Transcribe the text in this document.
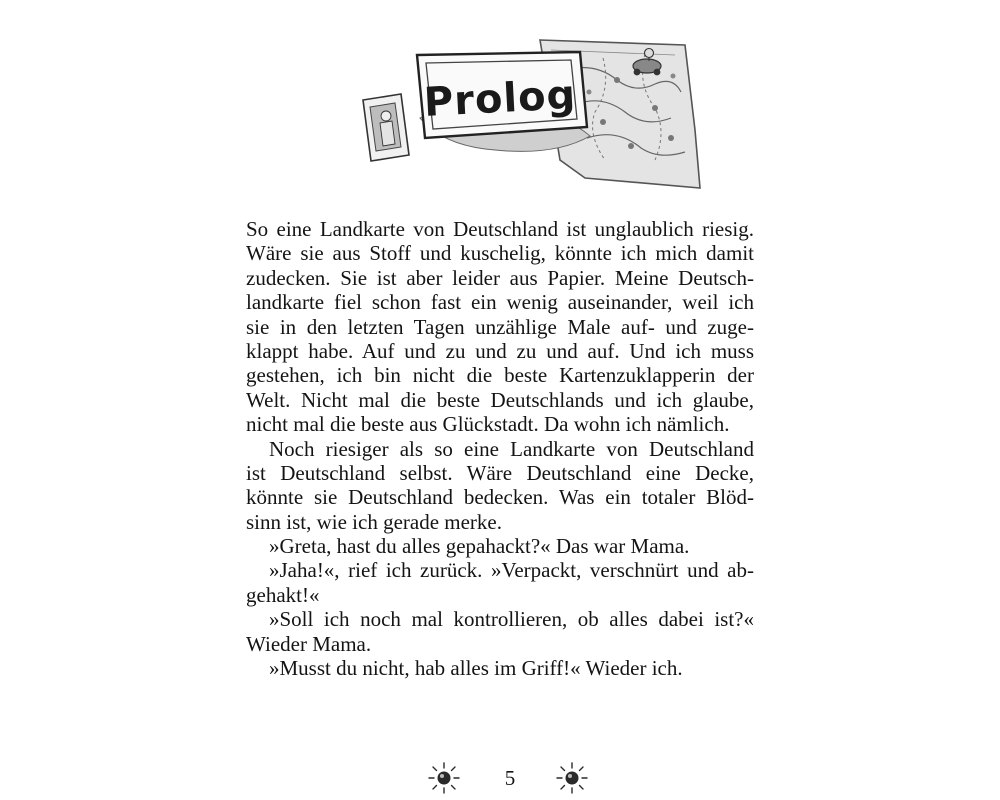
Prolog
So eine Landkarte von Deutschland ist unglaublich riesig.
Wäre sie aus Stoff und kuschelig, könnte ich mich damit
zudecken. Sie ist aber leider aus Papier. Meine Deutsch-
landkarte fiel schon fast ein wenig auseinander, weil ich
sie in den letzten Tagen unzählige Male auf- und zuge-
klappt habe. Auf und zu und zu und auf. Und ich muss
gestehen, ich bin nicht die beste Kartenzuklapperin der
Welt. Nicht mal die beste Deutschlands und ich glaube,
nicht mal die beste aus Glückstadt. Da wohn ich nämlich.
Noch riesiger als so eine Landkarte von Deutschland
ist Deutschland selbst. Wäre Deutschland eine Decke,
könnte sie Deutschland bedecken. Was ein totaler Blöd-
sinn ist, wie ich gerade merke.
»Greta, hast du alles gepahackt?« Das war Mama.
»Jaha!«, rief ich zurück. »Verpackt, verschnürt und ab-
gehakt!«
»Soll ich noch mal kontrollieren, ob alles dabei ist?«
Wieder Mama.
»Musst du nicht, hab alles im Griff!« Wieder ich.
5
